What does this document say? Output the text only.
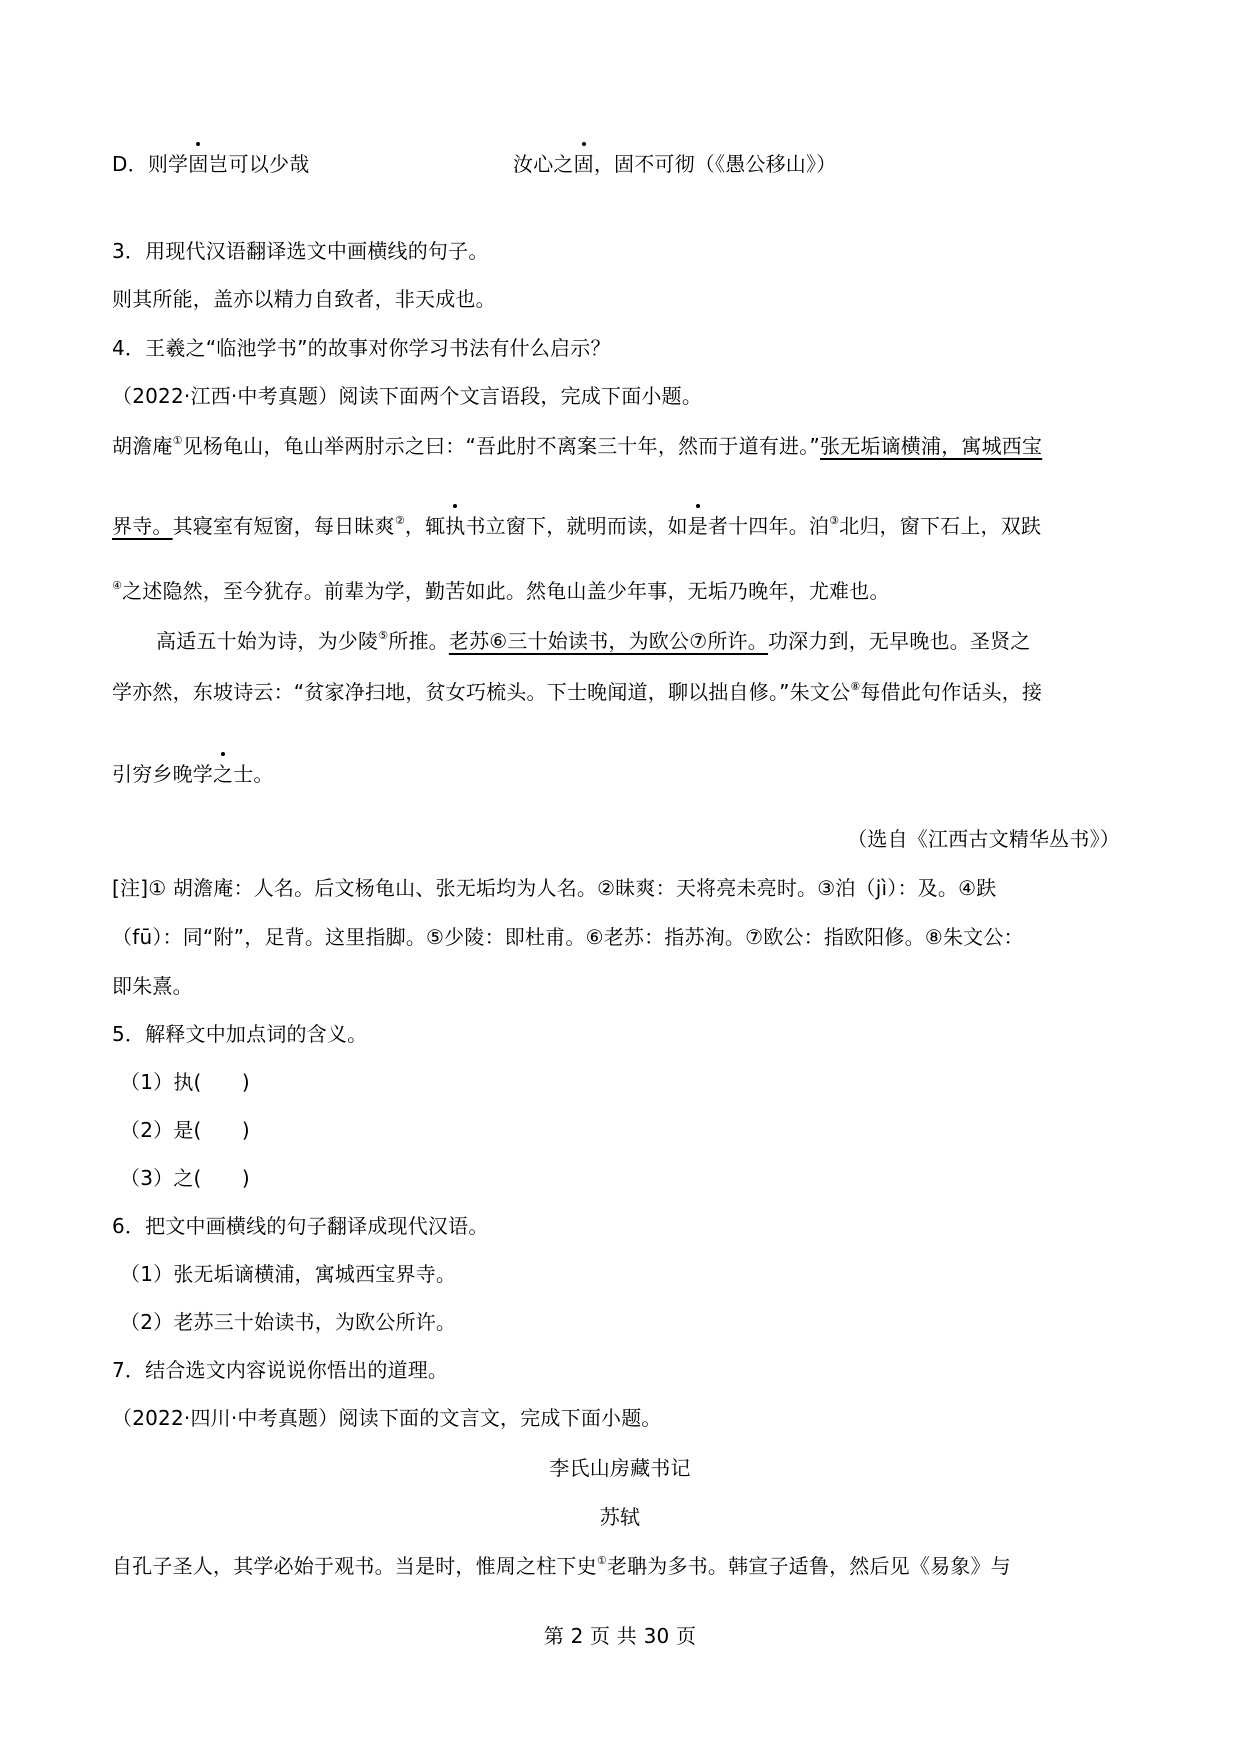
D．则学固岂可以少哉	汝心之固，固不可彻（《愚公移山》）
3．用现代汉语翻译选文中画横线的句子。
则其所能，盖亦以精力自致者，非天成也。
4．王羲之“临池学书”的故事对你学习书法有什么启示？
（2022·江西·中考真题）阅读下面两个文言语段，完成下面小题。
胡澹庵①见杨龟山，龟山举两肘示之曰：“吾此肘不离案三十年，然而于道有进。”张无垢谪横浦，寓城西宝
界寺。其寝室有短窗，每日昧爽②，辄执书立窗下，就明而读，如是者十四年。泊③北归，窗下石上，双趺
④之述隐然，至今犹存。前辈为学，勤苦如此。然龟山盖少年事，无垢乃晚年，尤难也。
高适五十始为诗，为少陵⑤所推。老苏⑥三十始读书，为欧公⑦所许。功深力到，无早晚也。圣贤之
学亦然，东坡诗云：“贫家净扫地，贫女巧梳头。下士晚闻道，聊以拙自修。”朱文公⑧每借此句作话头，接
引穷乡晚学之士。
（选自《江西古文精华丛书》）
[注]① 胡澹庵：人名。后文杨龟山、张无垢均为人名。②昧爽：天将亮未亮时。③泊（jì）：及。④趺
（fū）：同“附”，足背。这里指脚。⑤少陵：即杜甫。⑥老苏：指苏洵。⑦欧公：指欧阳修。⑧朱文公：
即朱熹。
5．解释文中加点词的含义。
（1）执(　　)
（2）是(　　)
（3）之(　　)
6．把文中画横线的句子翻译成现代汉语。
（1）张无垢谪横浦，寓城西宝界寺。
（2）老苏三十始读书，为欧公所许。
7．结合选文内容说说你悟出的道理。
（2022·四川·中考真题）阅读下面的文言文，完成下面小题。
李氏山房藏书记
苏轼
自孔子圣人，其学必始于观书。当是时，惟周之柱下史①老聃为多书。韩宣子适鲁，然后见《易象》与
第 2 页 共 30 页
